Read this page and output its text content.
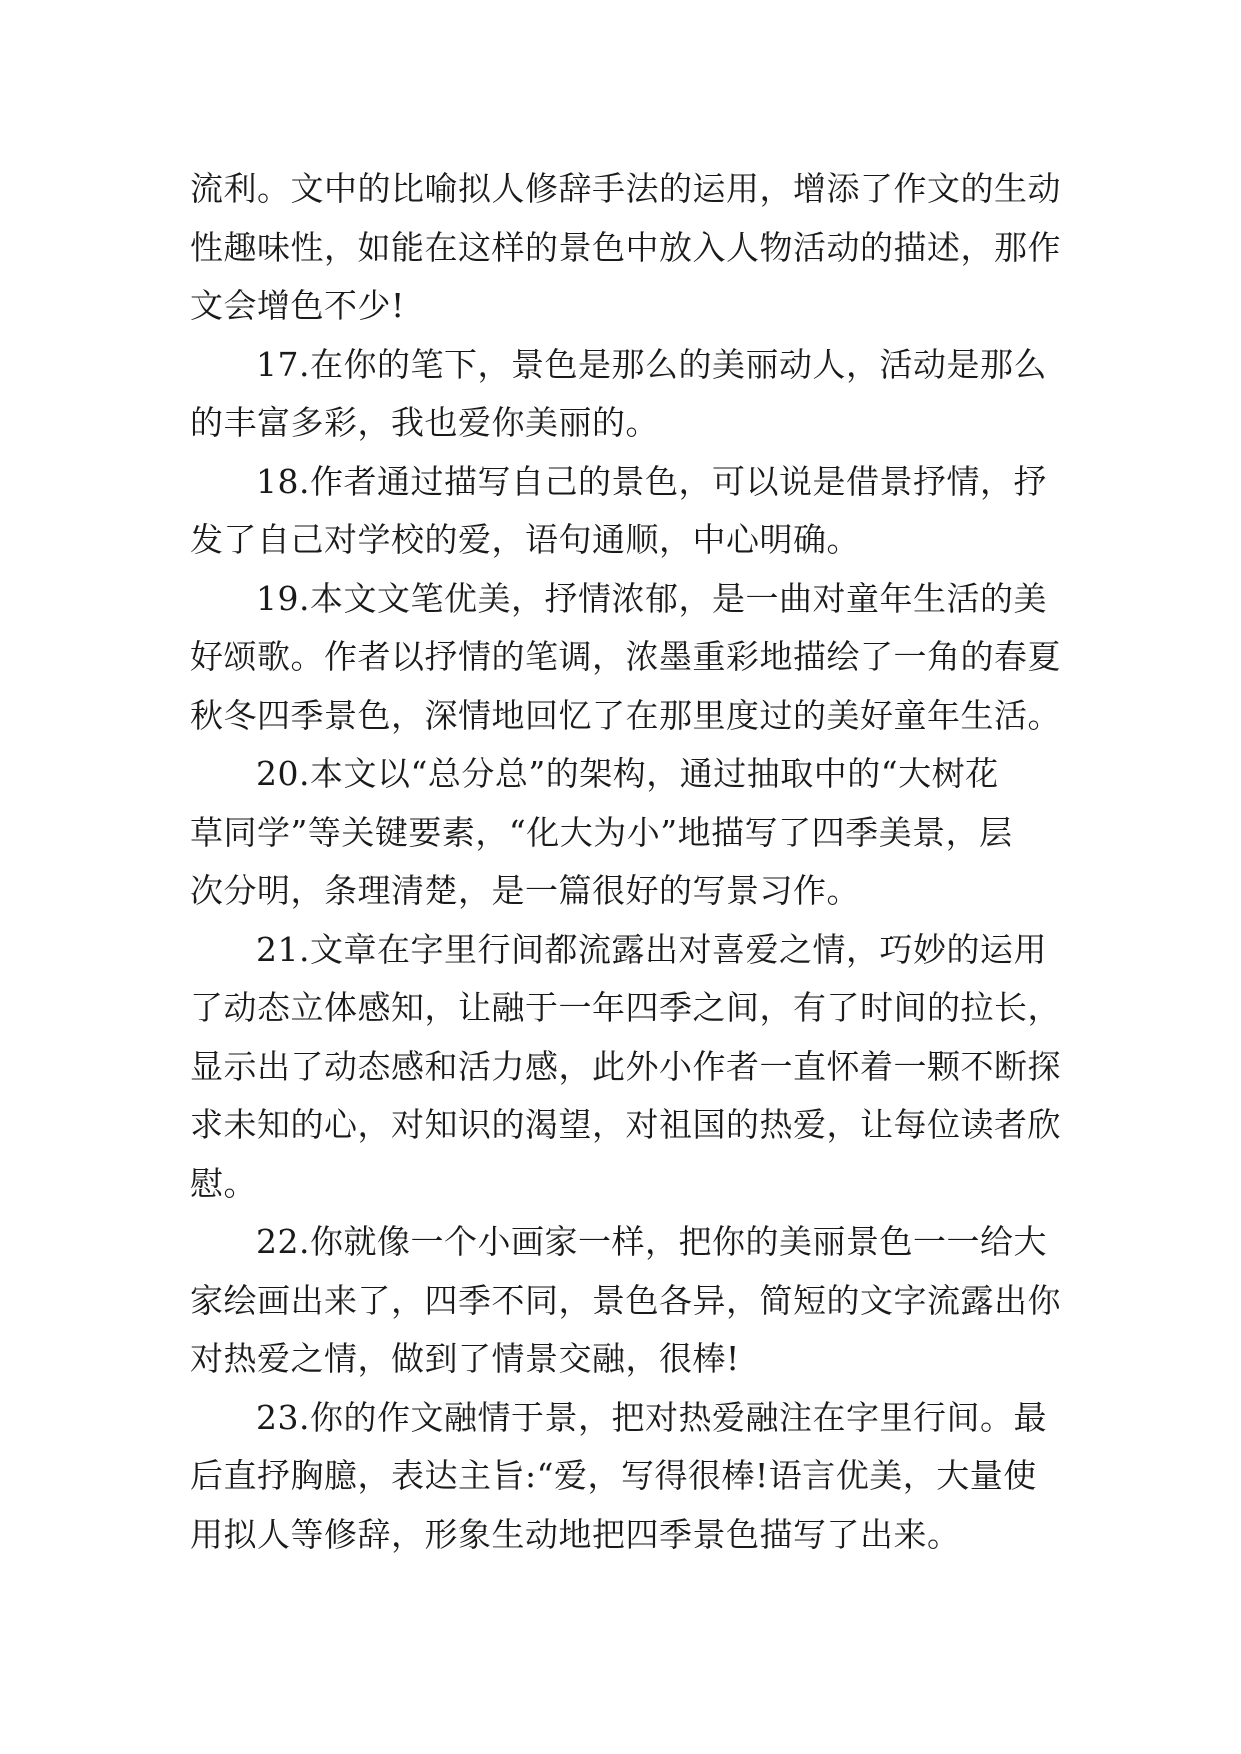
流利。文中的比喻拟人修辞手法的运用，增添了作文的生动
性趣味性，如能在这样的景色中放入人物活动的描述，那作
文会增色不少!

17.在你的笔下，景色是那么的美丽动人，活动是那么
的丰富多彩，我也爱你美丽的。

18.作者通过描写自己的景色，可以说是借景抒情，抒
发了自己对学校的爱，语句通顺，中心明确。

19.本文文笔优美，抒情浓郁，是一曲对童年生活的美
好颂歌。作者以抒情的笔调，浓墨重彩地描绘了一角的春夏
秋冬四季景色，深情地回忆了在那里度过的美好童年生活。

20.本文以“总分总”的架构，通过抽取中的“大树花
草同学”等关键要素，“化大为小”地描写了四季美景，层
次分明，条理清楚，是一篇很好的写景习作。

21.文章在字里行间都流露出对喜爱之情，巧妙的运用
了动态立体感知，让融于一年四季之间，有了时间的拉长，
显示出了动态感和活力感，此外小作者一直怀着一颗不断探
求未知的心，对知识的渴望，对祖国的热爱，让每位读者欣
慰。

22.你就像一个小画家一样，把你的美丽景色一一给大
家绘画出来了，四季不同，景色各异，简短的文字流露出你
对热爱之情，做到了情景交融，很棒!

23.你的作文融情于景，把对热爱融注在字里行间。最
后直抒胸臆，表达主旨:“爱，写得很棒!语言优美，大量使
用拟人等修辞，形象生动地把四季景色描写了出来。
